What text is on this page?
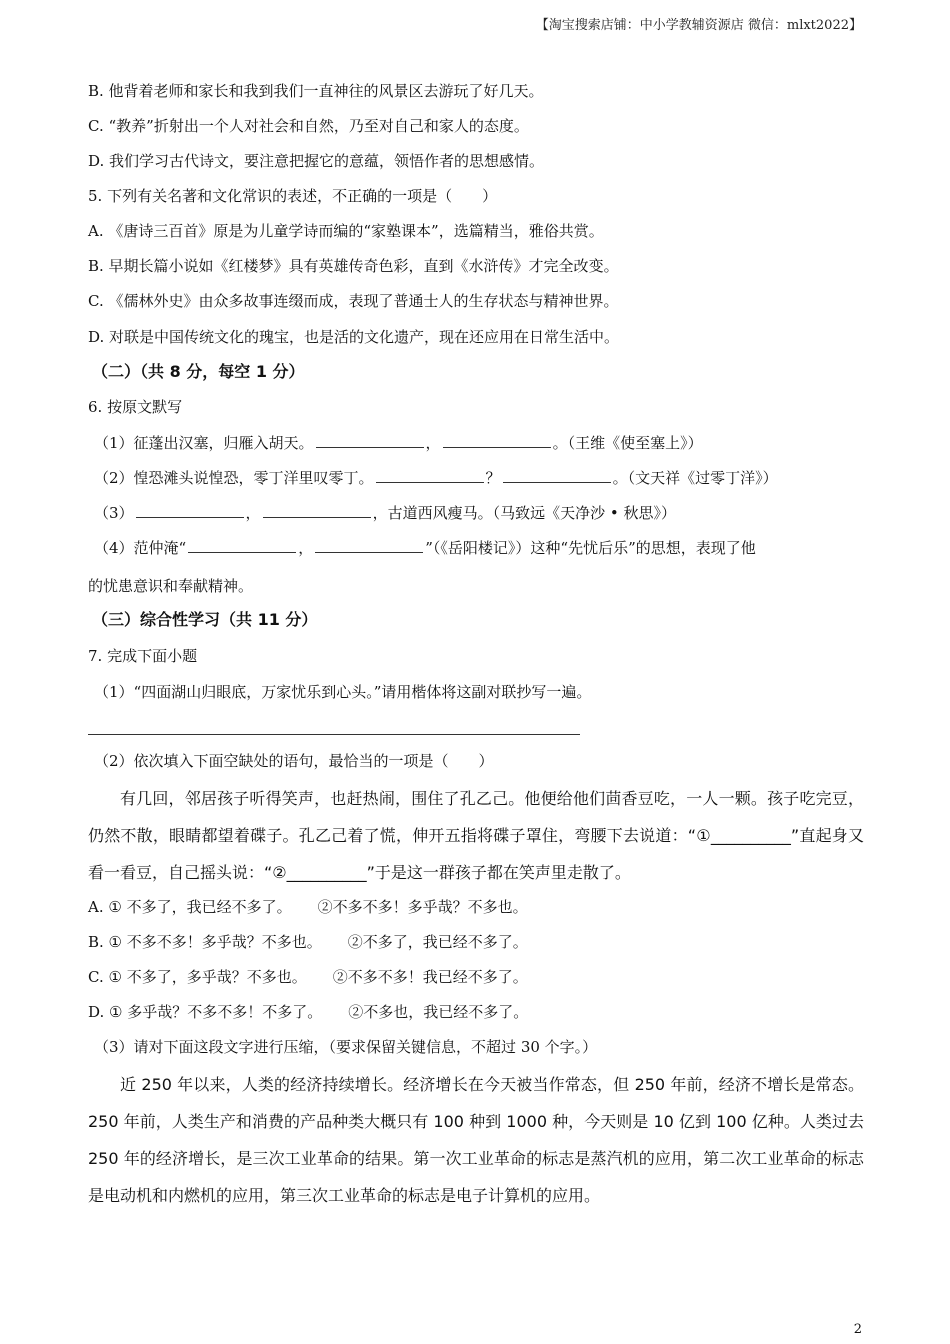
【淘宝搜索店铺：中小学教辅资源店 微信：mlxt2022】
B. 他背着老师和家长和我到我们一直神往的风景区去游玩了好几天。
C. “教养”折射出一个人对社会和自然，乃至对自己和家人的态度。
D. 我们学习古代诗文，要注意把握它的意蕴，领悟作者的思想感情。
5. 下列有关名著和文化常识的表述，不正确的一项是（　　）
A. 《唐诗三百首》原是为儿童学诗而编的“家塾课本”，选篇精当，雅俗共赏。
B. 早期长篇小说如《红楼梦》具有英雄传奇色彩，直到《水浒传》才完全改变。
C. 《儒林外史》由众多故事连缀而成，表现了普通士人的生存状态与精神世界。
D. 对联是中国传统文化的瑰宝，也是活的文化遗产，现在还应用在日常生活中。
（二）（共 8 分，每空 1 分）
6. 按原文默写
（1）征蓬出汉塞，归雁入胡天。	，	。（王维《使至塞上》）
（2）惶恐滩头说惶恐，零丁洋里叹零丁。	？	。（文天祥《过零丁洋》）
（3）	，	，古道西风瘦马。（马致远《天净沙 • 秋思》）
（4）范仲淹“	，	”（《岳阳楼记》）这种“先忧后乐”的思想，表现了他
的忧患意识和奉献精神。
（三）综合性学习（共 11 分）
7. 完成下面小题
（1）“四面湖山归眼底，万家忧乐到心头。”请用楷体将这副对联抄写一遍。
（2）依次填入下面空缺处的语句，最恰当的一项是（　　）
有几回，邻居孩子听得笑声，也赶热闹，围住了孔乙己。他便给他们茴香豆吃，一人一颗。孩子吃完豆，仍然不散，眼睛都望着碟子。孔乙己着了慌，伸开五指将碟子罩住，弯腰下去说道：“①__________”直起身又看一看豆，自己摇头说：“②__________”于是这一群孩子都在笑声里走散了。
A. ① 不多了，我已经不多了。 ②不多不多！多乎哉？不多也。
B. ① 不多不多！多乎哉？不多也。 ②不多了，我已经不多了。
C. ① 不多了，多乎哉？不多也。 ②不多不多！我已经不多了。
D. ① 多乎哉？不多不多！不多了。 ②不多也，我已经不多了。
（3）请对下面这段文字进行压缩，（要求保留关键信息，不超过 30 个字。）
近 250 年以来，人类的经济持续增长。经济增长在今天被当作常态，但 250 年前，经济不增长是常态。250 年前，人类生产和消费的产品种类大概只有 100 种到 1000 种，今天则是 10 亿到 100 亿种。人类过去 250 年的经济增长，是三次工业革命的结果。第一次工业革命的标志是蒸汽机的应用，第二次工业革命的标志是电动机和内燃机的应用，第三次工业革命的标志是电子计算机的应用。
2
